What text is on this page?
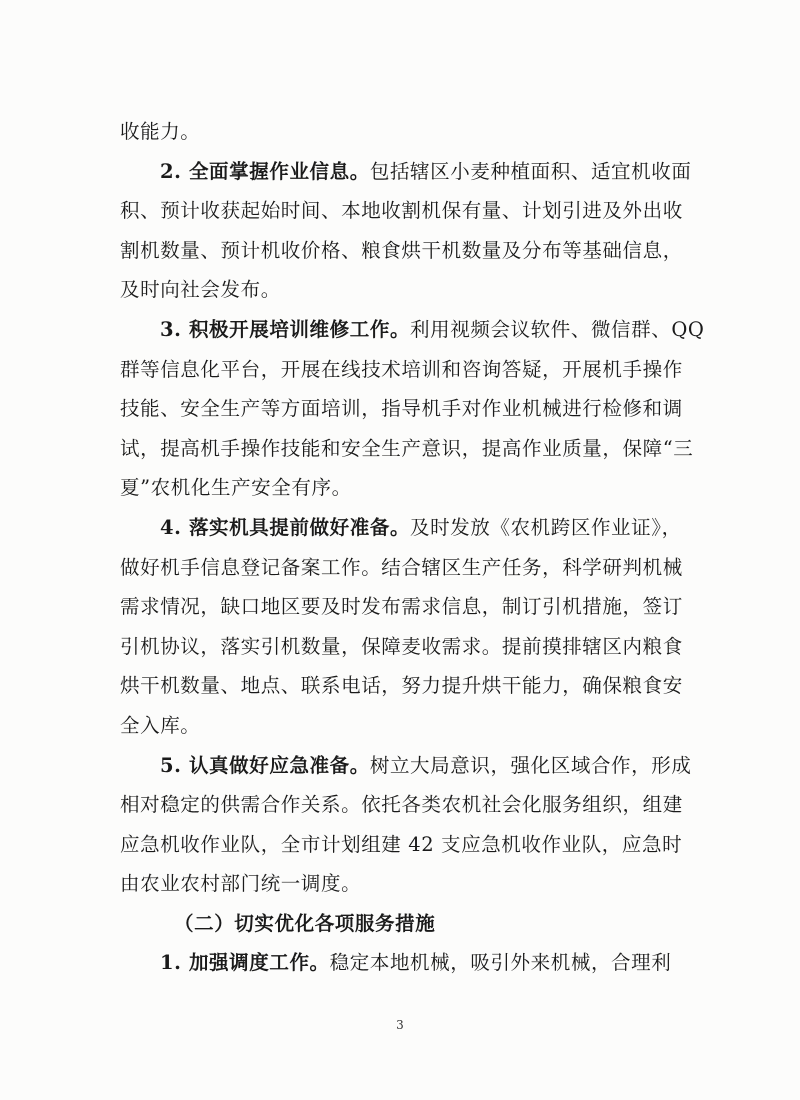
收能力。
2. 全面掌握作业信息。包括辖区小麦种植面积、适宜机收面
积、预计收获起始时间、本地收割机保有量、计划引进及外出收
割机数量、预计机收价格、粮食烘干机数量及分布等基础信息，
及时向社会发布。
3. 积极开展培训维修工作。利用视频会议软件、微信群、QQ
群等信息化平台，开展在线技术培训和咨询答疑，开展机手操作
技能、安全生产等方面培训，指导机手对作业机械进行检修和调
试，提高机手操作技能和安全生产意识，提高作业质量，保障“三
夏”农机化生产安全有序。
4. 落实机具提前做好准备。及时发放《农机跨区作业证》，
做好机手信息登记备案工作。结合辖区生产任务，科学研判机械
需求情况，缺口地区要及时发布需求信息，制订引机措施，签订
引机协议，落实引机数量，保障麦收需求。提前摸排辖区内粮食
烘干机数量、地点、联系电话，努力提升烘干能力，确保粮食安
全入库。
5. 认真做好应急准备。树立大局意识，强化区域合作，形成
相对稳定的供需合作关系。依托各类农机社会化服务组织，组建
应急机收作业队，全市计划组建 42 支应急机收作业队，应急时
由农业农村部门统一调度。
（二）切实优化各项服务措施
1. 加强调度工作。稳定本地机械，吸引外来机械，合理利
3
